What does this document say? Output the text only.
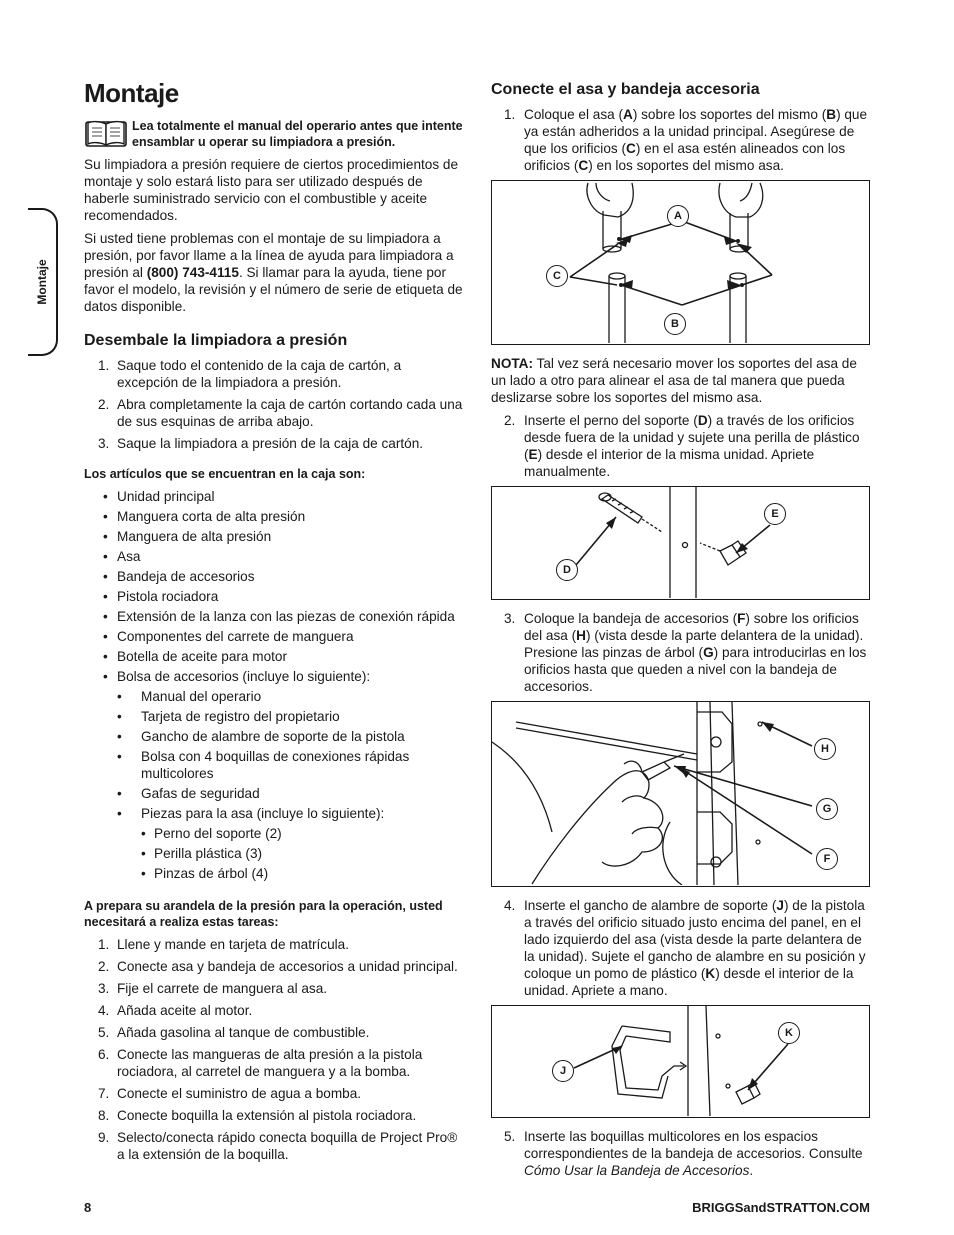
Montaje
Montaje
Lea totalmente el manual del operario antes que intente ensamblar u operar su limpiadora a presión.

Su limpiadora a presión requiere de ciertos procedimientos de montaje y solo estará listo para ser utilizado después de haberle suministrado servicio con el combustible y aceite recomendados.

Si usted tiene problemas con el montaje de su limpiadora a presión, por favor llame a la línea de ayuda para limpiadora a presión al (800) 743-4115. Si llamar para la ayuda, tiene por favor el modelo, la revisión y el número de serie de etiqueta de datos disponible.

Desembale la limpiadora a presión
1. Saque todo el contenido de la caja de cartón, a excepción de la limpiadora a presión.
2. Abra completamente la caja de cartón cortando cada una de sus esquinas de arriba abajo.
3. Saque la limpiadora a presión de la caja de cartón.
Los artículos que se encuentran en la caja son:
• Unidad principal
• Manguera corta de alta presión
• Manguera de alta presión
• Asa
• Bandeja de accesorios
• Pistola rociadora
• Extensión de la lanza con las piezas de conexión rápida
• Componentes del carrete de manguera
• Botella de aceite para motor
• Bolsa de accesorios (incluye lo siguiente):
• Manual del operario
• Tarjeta de registro del propietario
• Gancho de alambre de soporte de la pistola
• Bolsa con 4 boquillas de conexiones rápidas multicolores
• Gafas de seguridad
• Piezas para la asa (incluye lo siguiente):
• Perno del soporte (2)
• Perilla plástica (3)
• Pinzas de árbol (4)
A prepara su arandela de la presión para la operación, usted necesitará a realiza estas tareas:
1. Llene y mande en tarjeta de matrícula.
2. Conecte asa y bandeja de accesorios a unidad principal.
3. Fije el carrete de manguera al asa.
4. Añada aceite al motor.
5. Añada gasolina al tanque de combustible.
6. Conecte las mangueras de alta presión a la pistola rociadora, al carretel de manguera y a la bomba.
7. Conecte el suministro de agua a bomba.
8. Conecte boquilla la extensión al pistola rociadora.
9. Selecto/conecta rápido conecta boquilla de Project Pro® a la extensión de la boquilla.
Conecte el asa y bandeja accesoria
1. Coloque el asa (A) sobre los soportes del mismo (B) que ya están adheridos a la unidad principal. Asegúrese de que los orificios (C) en el asa estén alineados con los orificios (C) en los soportes del mismo asa.
A
B
C

NOTA: Tal vez será necesario mover los soportes del asa de un lado a otro para alinear el asa de tal manera que pueda deslizarse sobre los soportes del mismo asa.

2. Inserte el perno del soporte (D) a través de los orificios desde fuera de la unidad y sujete una perilla de plástico (E) desde el interior de la misma unidad. Apriete manualmente.
D
E
3. Coloque la bandeja de accesorios (F) sobre los orificios del asa (H) (vista desde la parte delantera de la unidad). Presione las pinzas de árbol (G) para introducirlas en los orificios hasta que queden a nivel con la bandeja de accesorios.
H
G
F
4. Inserte el gancho de alambre de soporte (J) de la pistola a través del orificio situado justo encima del panel, en el lado izquierdo del asa (vista desde la parte delantera de la unidad). Sujete el gancho de alambre en su posición y coloque un pomo de plástico (K) desde el interior de la unidad. Apriete a mano.
K
J
5. Inserte las boquillas multicolores en los espacios correspondientes de la bandeja de accesorios. Consulte Cómo Usar la Bandeja de Accesorios.
8	BRIGGSandSTRATTON.COM
